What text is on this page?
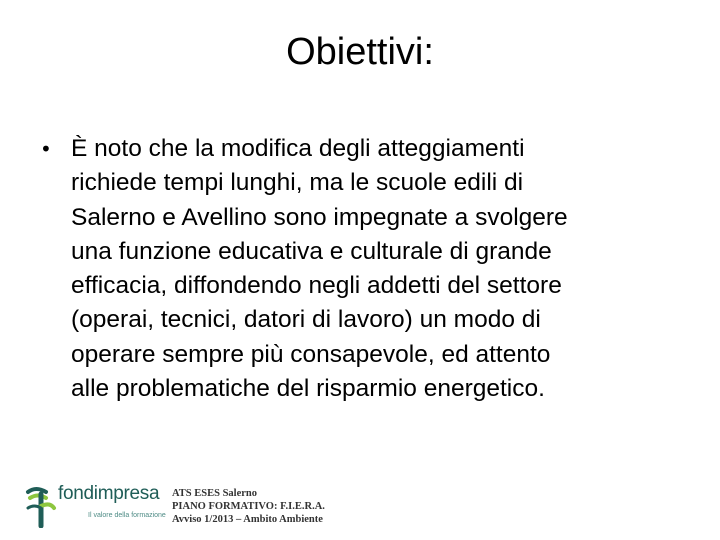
Obiettivi:
• È noto che la modifica degli atteggiamenti
richiede tempi lunghi, ma le scuole edili di
Salerno e Avellino sono impegnate a svolgere
una funzione educativa e culturale di grande
efficacia, diffondendo negli addetti del settore
(operai, tecnici, datori di lavoro) un modo di
operare sempre più consapevole, ed attento
alle problematiche del risparmio energetico.
fondimpresa
Il valore della formazione
ATS ESES Salerno
PIANO FORMATIVO: F.I.E.R.A.
Avviso 1/2013 – Ambito Ambiente
